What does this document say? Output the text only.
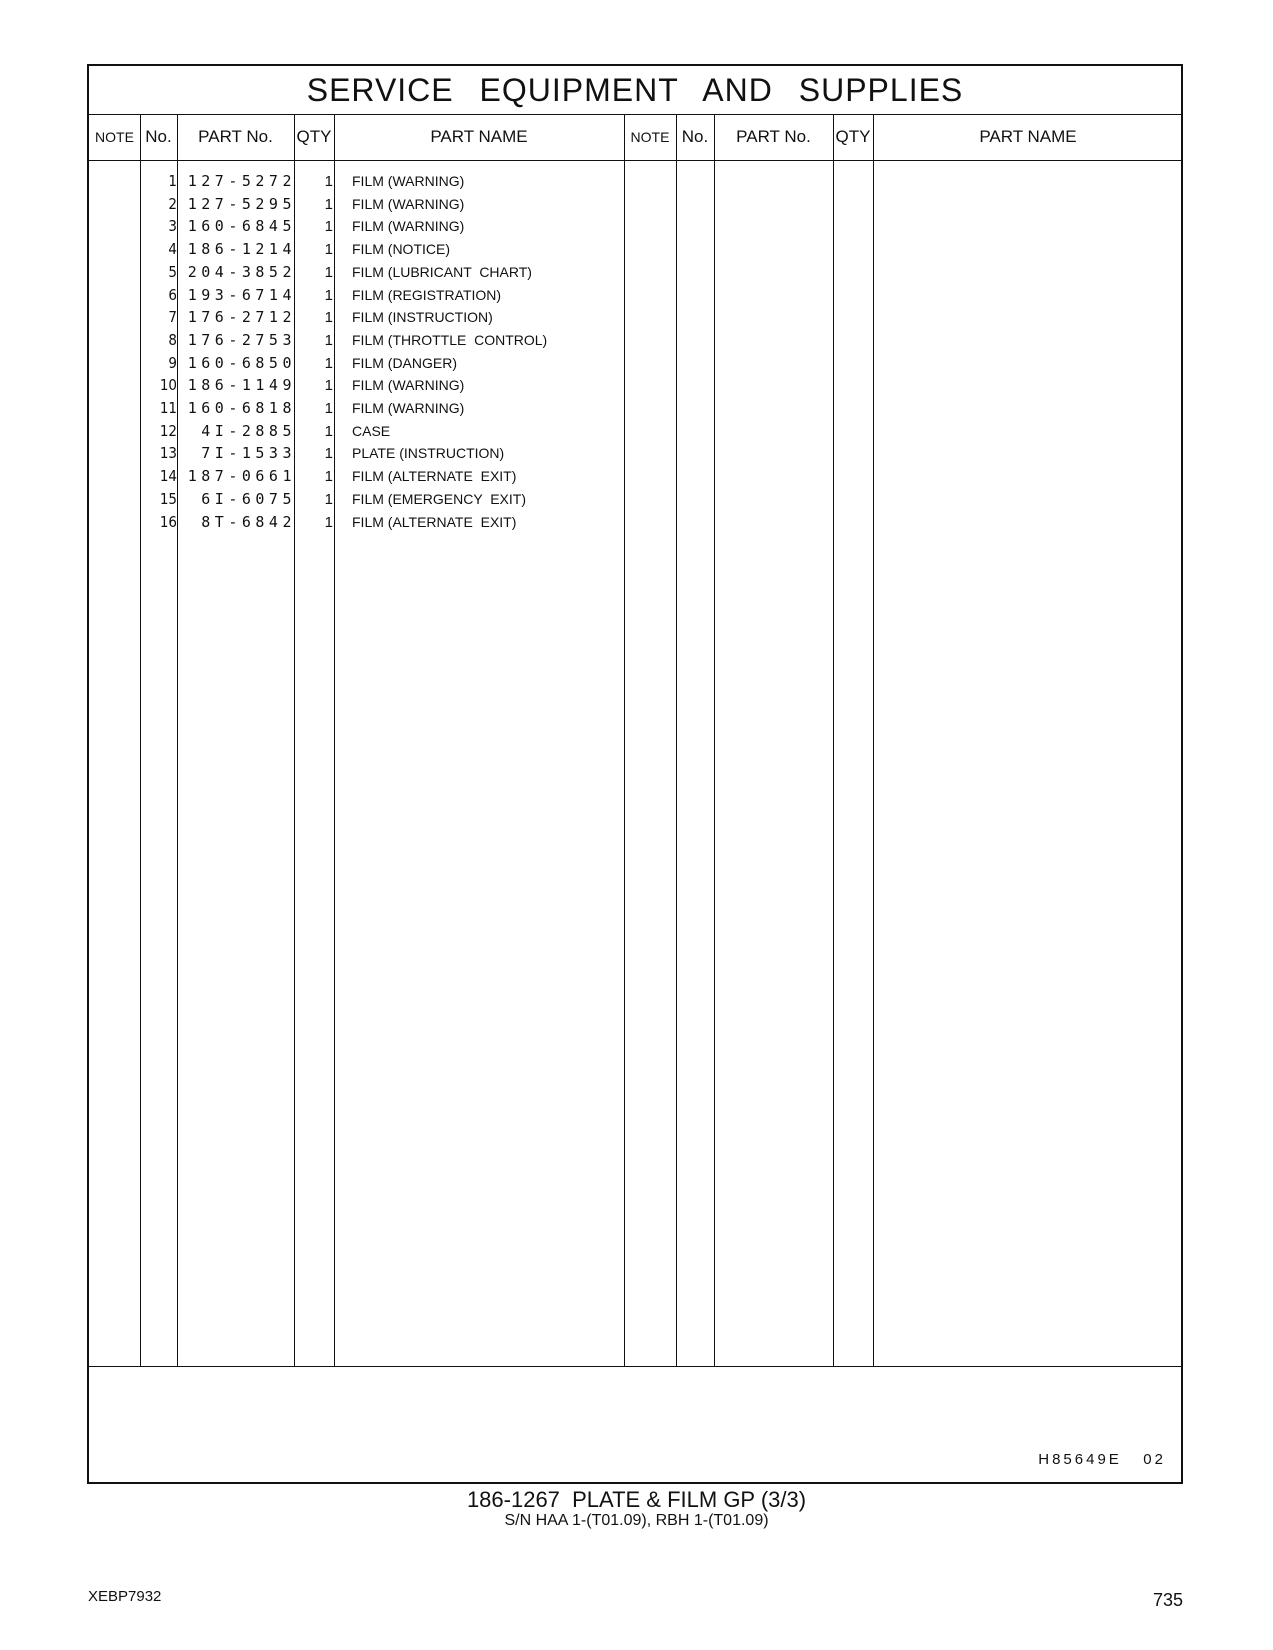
SERVICE EQUIPMENT AND SUPPLIES
NOTE No.	PART No.	QTY	PART NAME	NOTE No.	PART No.	QTY	PART NAME
1 127-5272	1 FILM (WARNING)
2 127-5295	1 FILM (WARNING)
3 160-6845	1 FILM (WARNING)
4 186-1214	1 FILM (NOTICE)
5 204-3852	1 FILM (LUBRICANT  CHART)
6 193-6714	1 FILM (REGISTRATION)
7 176-2712	1 FILM (INSTRUCTION)
8 176-2753	1 FILM (THROTTLE  CONTROL)
9 160-6850	1 FILM (DANGER)
10 186-1149	1 FILM (WARNING)
11 160-6818	1 FILM (WARNING)
12	4I-2885	1 CASE
13	7I-1533	1 PLATE (INSTRUCTION)
14 187-0661	1 FILM (ALTERNATE  EXIT)
15	6I-6075	1 FILM (EMERGENCY  EXIT)
16	8T-6842	1 FILM (ALTERNATE  EXIT)
H85649E   02
186-1267  PLATE & FILM GP (3/3)
S/N HAA 1-(T01.09), RBH 1-(T01.09)
XEBP7932	735
